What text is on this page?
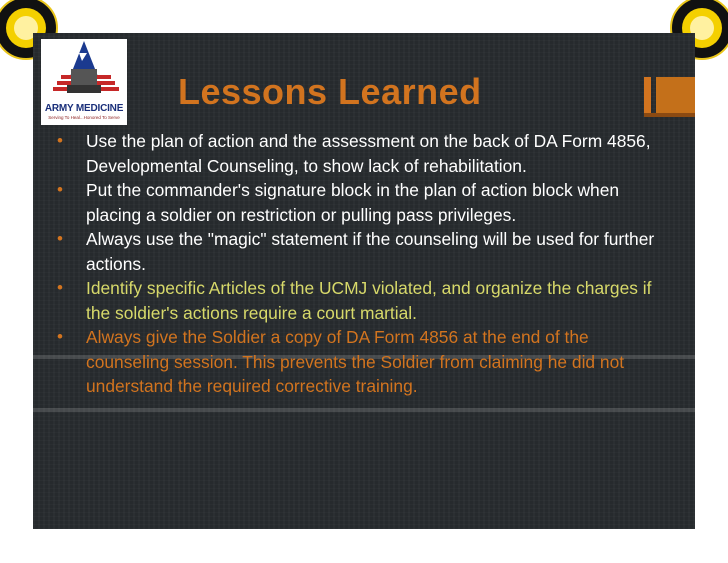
ARMY MEDICINE
Serving To Heal...Honored To Serve
Lessons Learned
• Use the plan of action and the assessment on the back of DA Form 4856, Developmental Counseling, to show lack of rehabilitation.
• Put the commander's signature block in the plan of action block when placing a soldier on restriction or pulling pass privileges.
• Always use the "magic" statement if the counseling will be used for further actions.
• Identify specific Articles of the UCMJ violated, and organize the charges if the soldier's actions require a court martial.
• Always give the Soldier a copy of DA Form 4856 at the end of the counseling session. This prevents the Soldier from claiming he did not understand the required corrective training.
